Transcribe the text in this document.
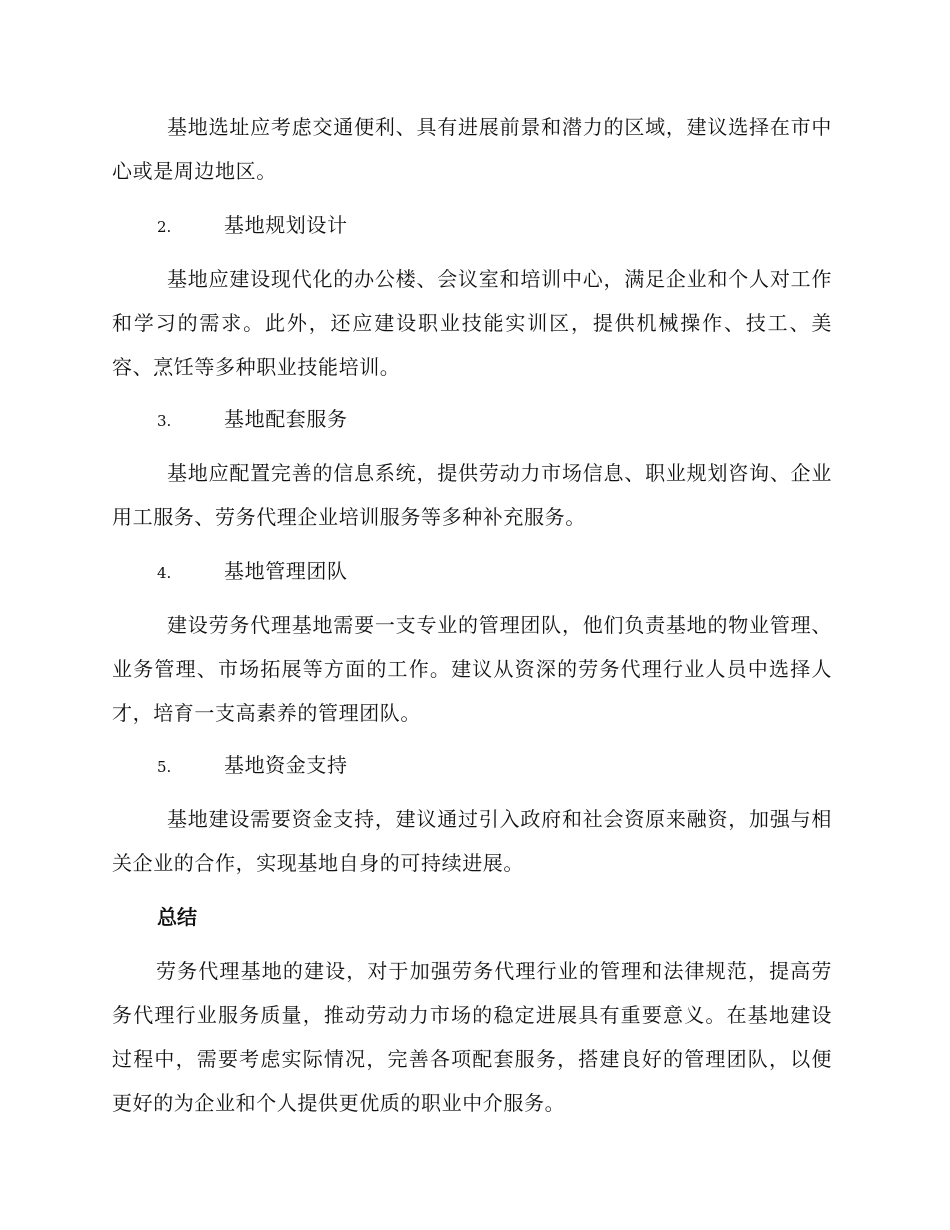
基地选址应考虑交通便利、具有进展前景和潜力的区域，建议选择在市中心或是周边地区。

2.	基地规划设计

基地应建设现代化的办公楼、会议室和培训中心，满足企业和个人对工作和学习的需求。此外，还应建设职业技能实训区，提供机械操作、技工、美容、烹饪等多种职业技能培训。

3.	基地配套服务

基地应配置完善的信息系统，提供劳动力市场信息、职业规划咨询、企业用工服务、劳务代理企业培训服务等多种补充服务。

4.	基地管理团队

建设劳务代理基地需要一支专业的管理团队，他们负责基地的物业管理、业务管理、市场拓展等方面的工作。建议从资深的劳务代理行业人员中选择人才，培育一支高素养的管理团队。

5.	基地资金支持

基地建设需要资金支持，建议通过引入政府和社会资原来融资，加强与相关企业的合作，实现基地自身的可持续进展。

总结

劳务代理基地的建设，对于加强劳务代理行业的管理和法律规范，提高劳务代理行业服务质量，推动劳动力市场的稳定进展具有重要意义。在基地建设过程中，需要考虑实际情况，完善各项配套服务，搭建良好的管理团队，以便更好的为企业和个人提供更优质的职业中介服务。
